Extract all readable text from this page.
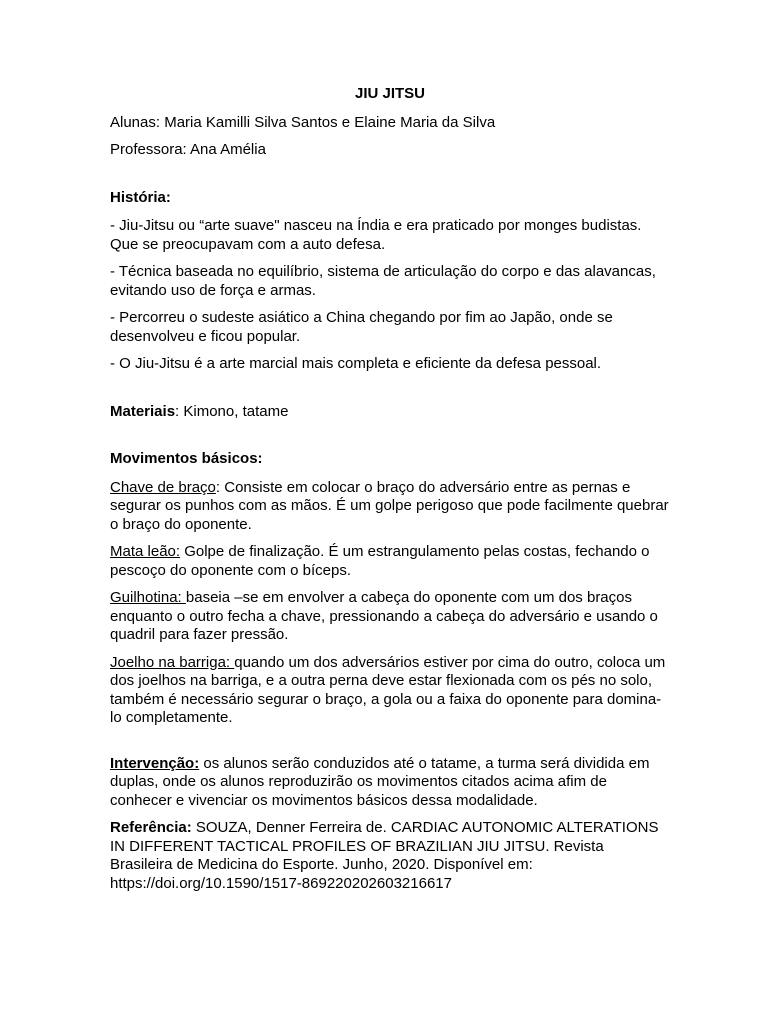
JIU JITSU

Alunas: Maria Kamilli Silva Santos e Elaine Maria da Silva

Professora: Ana Amélia

História:

- Jiu-Jitsu ou “arte suave" nasceu na Índia e era praticado por monges budistas. Que se preocupavam com a auto defesa.

- Técnica baseada no equilíbrio, sistema de articulação do corpo e das alavancas, evitando uso de força e armas.

- Percorreu o sudeste asiático a China chegando por fim ao Japão, onde se desenvolveu e ficou popular.

- O Jiu-Jitsu é a arte marcial mais completa e eficiente da defesa pessoal.

Materiais: Kimono, tatame

Movimentos básicos:

Chave de braço: Consiste em colocar o braço do adversário entre as pernas e segurar os punhos com as mãos. É um golpe perigoso que pode facilmente quebrar o braço do oponente.

Mata leão: Golpe de finalização. É um estrangulamento pelas costas, fechando o pescoço do oponente com o bíceps.

Guilhotina: baseia –se em envolver a cabeça do oponente com um dos braços enquanto o outro fecha a chave, pressionando a cabeça do adversário e usando o quadril para fazer pressão.

Joelho na barriga: quando um dos adversários estiver por cima do outro, coloca um dos joelhos na barriga, e a outra perna deve estar flexionada com os pés no solo, também é necessário segurar o braço, a gola ou a faixa do oponente para domina-lo completamente.

Intervenção: os alunos serão conduzidos até o tatame, a turma será dividida em duplas, onde os alunos reproduzirão os movimentos citados acima afim de conhecer e vivenciar os movimentos básicos dessa modalidade.

Referência: SOUZA, Denner Ferreira de. CARDIAC AUTONOMIC ALTERATIONS IN DIFFERENT TACTICAL PROFILES OF BRAZILIAN JIU JITSU. Revista Brasileira de Medicina do Esporte. Junho, 2020. Disponível em: https://doi.org/10.1590/1517-869220202603216617
